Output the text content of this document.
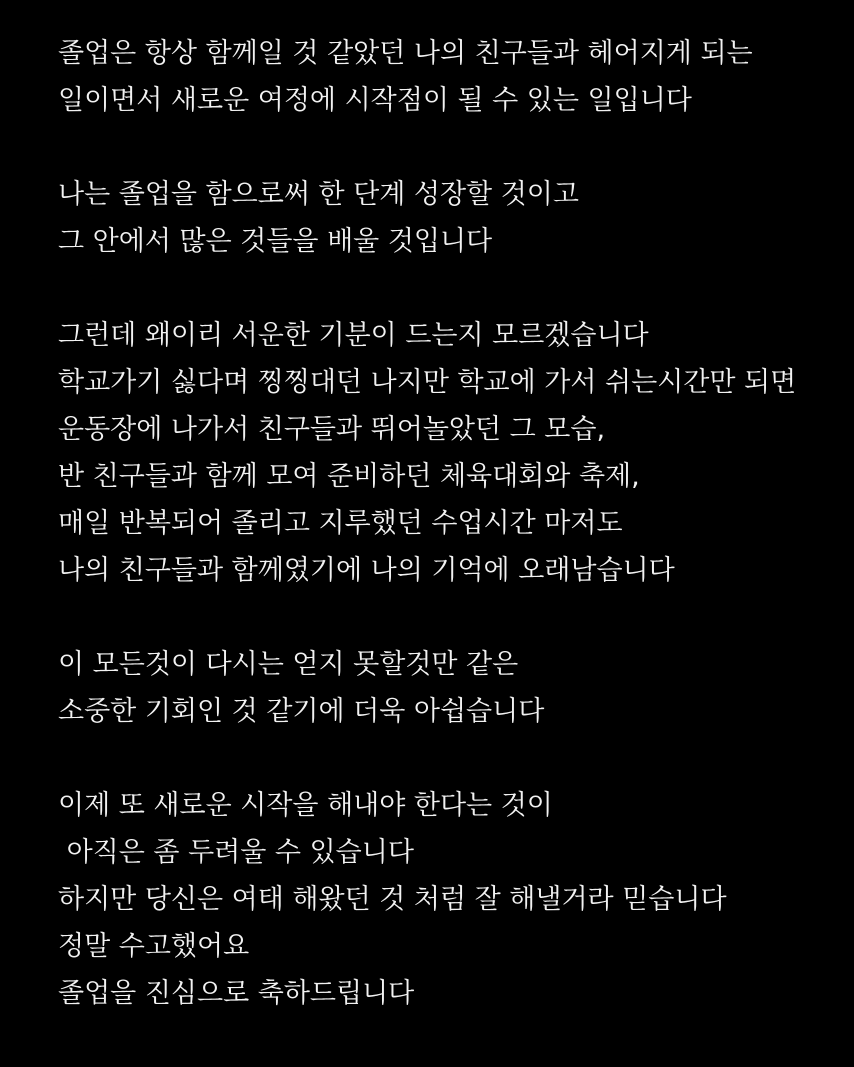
졸업은 항상 함께일 것 같았던 나의 친구들과 헤어지게 되는
일이면서 새로운 여정에 시작점이 될 수 있는 일입니다
나는 졸업을 함으로써 한 단계 성장할 것이고
그 안에서 많은 것들을 배울 것입니다
그런데 왜이리 서운한 기분이 드는지 모르겠습니다
학교가기 싫다며 찡찡대던 나지만 학교에 가서 쉬는시간만 되면
운동장에 나가서 친구들과 뛰어놀았던 그 모습,
반 친구들과 함께 모여 준비하던 체육대회와 축제,
매일 반복되어 졸리고 지루했던 수업시간 마저도
나의 친구들과 함께였기에 나의 기억에 오래남습니다
이 모든것이 다시는 얻지 못할것만 같은
소중한 기회인 것 같기에 더욱 아쉽습니다
이제 또 새로운 시작을 해내야 한다는 것이
아직은 좀 두려울 수 있습니다
하지만 당신은 여태 해왔던 것 처럼 잘 해낼거라 믿습니다
정말 수고했어요
졸업을 진심으로 축하드립니다
